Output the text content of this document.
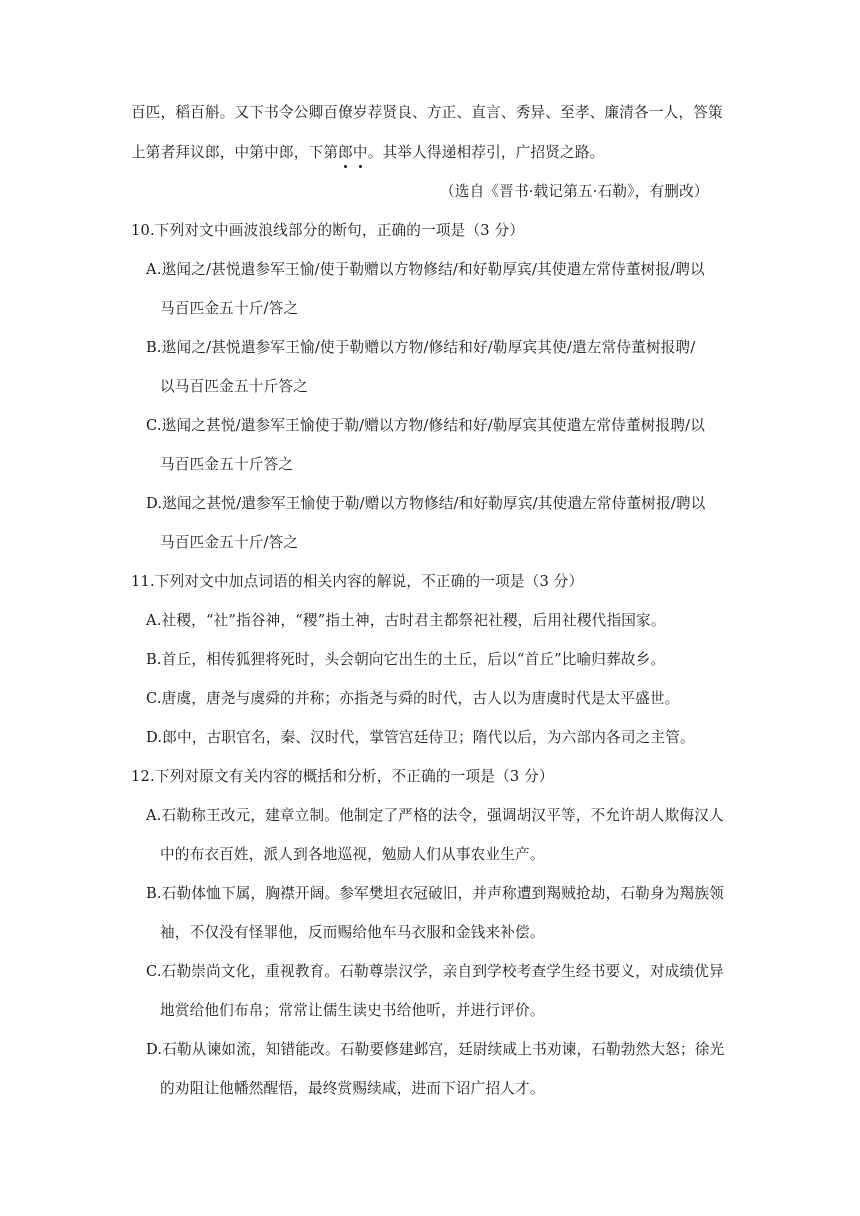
百匹，稻百斛。又下书令公卿百僚岁荐贤良、方正、直言、秀异、至孝、廉清各一人，答策
上第者拜议郎，中第中郎，下第郎中。其举人得递相荐引，广招贤之路。
（选自《晋书·载记第五·石勒》，有删改）
10.下列对文中画波浪线部分的断句，正确的一项是（3 分）
A.逖闻之/甚悦遣参军王愉/使于勒赠以方物修结/和好勒厚宾/其使遣左常侍董树报/聘以
马百匹金五十斤/答之
B.逖闻之/甚悦遣参军王愉/使于勒赠以方物/修结和好/勒厚宾其使/遣左常侍董树报聘/
以马百匹金五十斤答之
C.逖闻之甚悦/遣参军王愉使于勒/赠以方物/修结和好/勒厚宾其使遣左常侍董树报聘/以
马百匹金五十斤答之
D.逖闻之甚悦/遣参军王愉使于勒/赠以方物修结/和好勒厚宾/其使遣左常侍董树报/聘以
马百匹金五十斤/答之
11.下列对文中加点词语的相关内容的解说，不正确的一项是（3 分）
A.社稷，“社”指谷神，“稷”指土神，古时君主都祭祀社稷，后用社稷代指国家。
B.首丘，相传狐狸将死时，头会朝向它出生的土丘，后以“首丘”比喻归葬故乡。
C.唐虞，唐尧与虞舜的并称；亦指尧与舜的时代，古人以为唐虞时代是太平盛世。
D.郎中，古职官名，秦、汉时代，掌管宫廷侍卫；隋代以后，为六部内各司之主管。
12.下列对原文有关内容的概括和分析，不正确的一项是（3 分）
A.石勒称王改元，建章立制。他制定了严格的法令，强调胡汉平等，不允许胡人欺侮汉人
中的布衣百姓，派人到各地巡视，勉励人们从事农业生产。
B.石勒体恤下属，胸襟开阔。参军樊坦衣冠破旧，并声称遭到羯贼抢劫，石勒身为羯族领
袖，不仅没有怪罪他，反而赐给他车马衣服和金钱来补偿。
C.石勒崇尚文化，重视教育。石勒尊崇汉学，亲自到学校考查学生经书要义，对成绩优异
地赏给他们布帛；常常让儒生读史书给他听，并进行评价。
D.石勒从谏如流，知错能改。石勒要修建邺宫，廷尉续咸上书劝谏，石勒勃然大怒；徐光
的劝阻让他幡然醒悟，最终赏赐续咸，进而下诏广招人才。
